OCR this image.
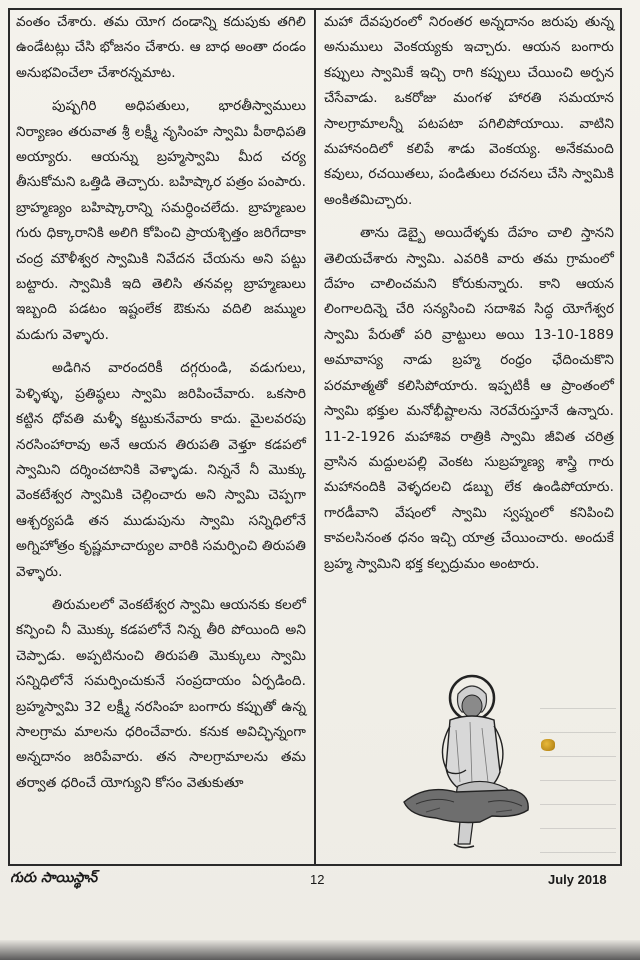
వంతం చేశారు. తమ యోగ దండాన్ని కదుపుకు తగిలి ఉండేటట్లు చేసి భోజనం చేశారు. ఆ బాధ అంతా దండం అనుభవించేలా చేశారన్నమాట.

పుష్పగిరి అధిపతులు, భారతీస్వాములు నిర్యాణం తరువాత శ్రీ లక్ష్మీ నృసింహ స్వామి పీఠాధిపతి అయ్యారు. ఆయన్ను బ్రహ్మస్వామి మీద చర్య తీసుకోమని ఒత్తిడి తెచ్చారు. బహిష్కార పత్రం పంపారు. బ్రాహ్మణ్యం బహిష్కారాన్ని సమర్ధించలేదు. బ్రాహ్మణుల గురు ధిక్కారానికి అలిగి కోపించి ప్రాయశ్చిత్తం జరిగేదాకా చంద్ర మౌళీశ్వర స్వామికి నివేదన చేయను అని పట్టు బట్టారు. స్వామికి ఇది తెలిసి తనవల్ల బ్రాహ్మణులు ఇబ్బంది పడటం ఇష్టంలేక ఔకును వదిలి జమ్ముల మడుగు వెళ్ళారు.

అడిగిన వారందరికీ దగ్గరుండి, వడుగులు, పెళ్ళిళ్ళు, ప్రతిష్ఠలు స్వామి జరిపించేవారు. ఒకసారి కట్టిన ధోవతి మళ్ళీ కట్టుకునేవారు కాదు. మైలవరపు నరసింహారావు అనే ఆయన తిరుపతి వెళ్తూ కడపలో స్వామిని దర్శించటానికి వెళ్ళాడు. నిన్ననే నీ మొక్కు వెంకటేశ్వర స్వామికి చెల్లించారు అని స్వామి చెప్పగా ఆశ్చర్యపడి తన ముడుపును స్వామి సన్నిధిలోనే అగ్నిహోత్రం కృష్ణమాచార్యుల వారికి సమర్పించి తిరుపతి వెళ్ళారు.

తిరుమలలో వెంకటేశ్వర స్వామి ఆయనకు కలలో కన్పించి నీ మొక్కు కడపలోనే నిన్న తీరి పోయింది అని చెప్పాడు. అప్పటినుంచి తిరుపతి మొక్కులు స్వామి సన్నిధిలోనే సమర్పించుకునే సంప్రదాయం ఏర్పడింది. బ్రహ్మస్వామి 32 లక్ష్మీ నరసింహ బంగారు కప్పుతో ఉన్న సాలగ్రామ మాలను ధరించేవారు. కనుక అవిచ్ఛిన్నంగా అన్నదానం జరిపేవారు. తన సాలగ్రామాలను తమ తర్వాత ధరించే యోగ్యుని కోసం వెతుకుతూ

మహా దేవపురంలో నిరంతర అన్నదానం జరుపు తున్న అనుములు వెంకయ్యకు ఇచ్చారు. ఆయన బంగారు కప్పులు స్వామికే ఇచ్చి రాగి కప్పులు చేయించి అర్పన చేసేవాడు. ఒకరోజు మంగళ హారతి సమయాన సాలగ్రామాలన్నీ పటపటా పగిలిపోయాయి. వాటిని మహానందిలో కలిపే శాడు వెంకయ్య. అనేకమంది కవులు, రచయితలు, పండితులు రచనలు చేసి స్వామికి అంకితమిచ్చారు.

తాను డెబ్బై అయిదేళ్ళకు దేహం చాలి స్తానని తెలియచేశారు స్వామి. ఎవరికి వారు తమ గ్రామంలో దేహం చాలించమని కోరుకున్నారు. కాని ఆయన లింగాలదిన్నె చేరి సన్యసించి సదాశివ సిద్ధ యోగేశ్వర స్వామి పేరుతో పరి వ్రాట్టులు అయి 13-10-1889 అమావాస్య నాడు బ్రహ్మ రంధ్రం ఛేదించుకొని పరమాత్మతో కలిసిపోయారు. ఇప్పటికీ ఆ ప్రాంతంలో స్వామి భక్తుల మనోభీష్టాలను నెరవేరుస్తూనే ఉన్నారు. 11-2-1926 మహాశివ రాత్రికి స్వామి జీవిత చరిత్ర వ్రాసిన మద్దులపల్లి వెంకట సుబ్రహ్మణ్య శాస్త్రి గారు మహానందికి వెళ్ళదలచి డబ్బు లేక ఉండిపోయారు. గారడీవాని వేషంలో స్వామి స్వప్నంలో కనిపించి కావలసినంత ధనం ఇచ్చి యాత్ర చేయించారు. అందుకే బ్రహ్మ స్వామిని భక్త కల్పద్రుమం అంటారు.

గురు సాయిస్థాన్	12	July 2018
